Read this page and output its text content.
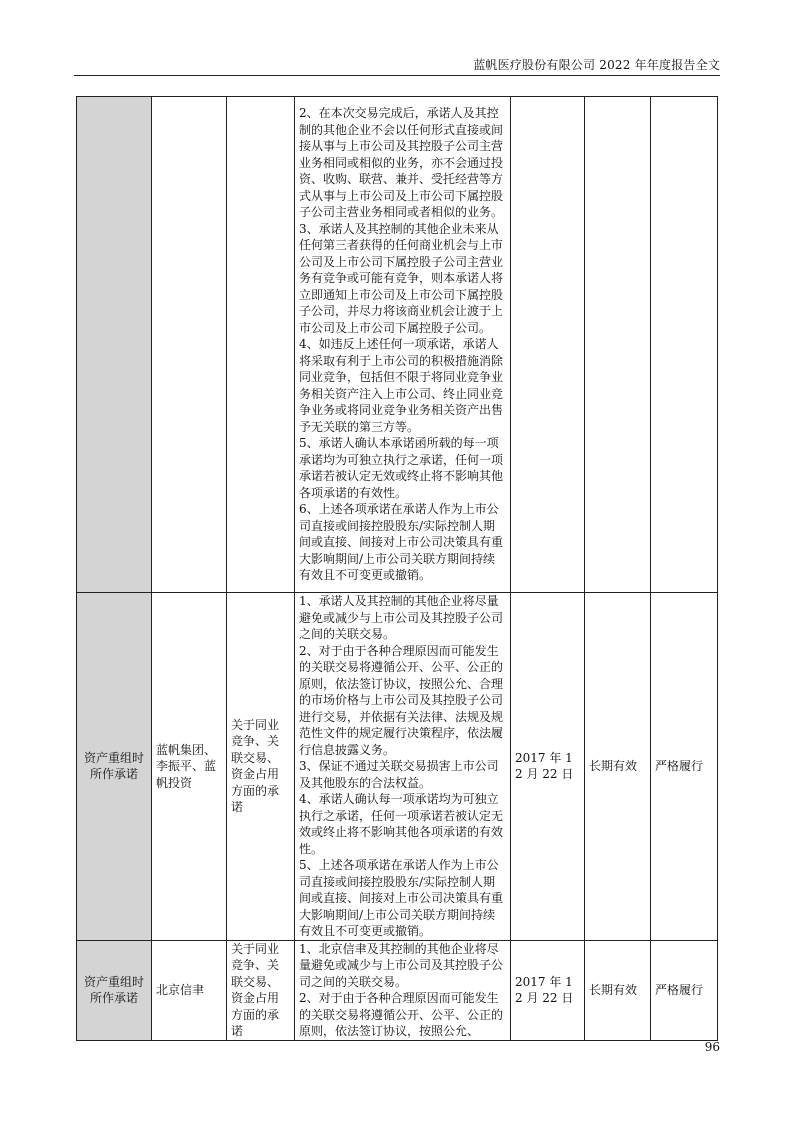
蓝帆医疗股份有限公司 2022 年年度报告全文

			2、在本次交易完成后，承诺人及其控制的其他企业不会以任何形式直接或间接从事与上市公司及其控股子公司主营业务相同或相似的业务，亦不会通过投资、收购、联营、兼并、受托经营等方式从事与上市公司及上市公司下属控股子公司主营业务相同或者相似的业务。
3、承诺人及其控制的其他企业未来从任何第三者获得的任何商业机会与上市公司及上市公司下属控股子公司主营业务有竞争或可能有竞争，则本承诺人将立即通知上市公司及上市公司下属控股子公司，并尽力将该商业机会让渡于上市公司及上市公司下属控股子公司。
4、如违反上述任何一项承诺，承诺人将采取有利于上市公司的积极措施消除同业竞争，包括但不限于将同业竞争业务相关资产注入上市公司、终止同业竞争业务或将同业竞争业务相关资产出售予无关联的第三方等。
5、承诺人确认本承诺函所载的每一项承诺均为可独立执行之承诺，任何一项承诺若被认定无效或终止将不影响其他各项承诺的有效性。
6、上述各项承诺在承诺人作为上市公司直接或间接控股股东/实际控制人期间或直接、间接对上市公司决策具有重大影响期间/上市公司关联方期间持续有效且不可变更或撤销。			

资产重组时所作承诺	蓝帆集团、李振平、蓝帆投资	关于同业竞争、关联交易、资金占用方面的承诺	1、承诺人及其控制的其他企业将尽量避免或减少与上市公司及其控股子公司之间的关联交易。
2、对于由于各种合理原因而可能发生的关联交易将遵循公开、公平、公正的原则，依法签订协议，按照公允、合理的市场价格与上市公司及其控股子公司进行交易，并依据有关法律、法规及规范性文件的规定履行决策程序，依法履行信息披露义务。
3、保证不通过关联交易损害上市公司及其他股东的合法权益。
4、承诺人确认每一项承诺均为可独立执行之承诺，任何一项承诺若被认定无效或终止将不影响其他各项承诺的有效性。
5、上述各项承诺在承诺人作为上市公司直接或间接控股股东/实际控制人期间或直接、间接对上市公司决策具有重大影响期间/上市公司关联方期间持续有效且不可变更或撤销。	2017 年 12 月 22 日	长期有效	严格履行
资产重组时所作承诺	北京信聿	关于同业竞争、关联交易、资金占用方面的承诺	1、北京信聿及其控制的其他企业将尽量避免或减少与上市公司及其控股子公司之间的关联交易。
2、对于由于各种合理原因而可能发生的关联交易将遵循公开、公平、公正的原则，依法签订协议，按照公允、	2017 年 12 月 22 日	长期有效	严格履行
96
